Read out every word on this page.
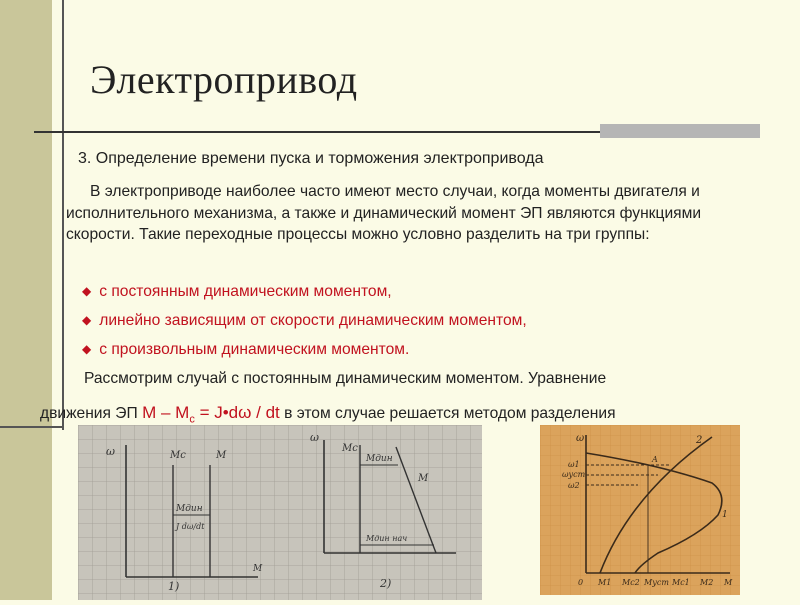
Электропривод
3. Определение времени пуска и торможения электропривода

В электроприводе наиболее часто имеют место случаи, когда моменты двигателя и исполнительного механизма, а также и динамический момент ЭП являются функциями скорости. Такие переходные процессы можно условно разделить на три группы:

◆ с постоянным динамическим моментом,
◆ линейно зависящим от скорости динамическим моментом,
◆ с произвольным динамическим моментом.
Рассмотрим случай с постоянным динамическим моментом. Уравнение
движения ЭП M – $M_c$ = J•dω / dt в этом случае решается методом разделения
ω	Mc	M
M
Mдин
J dω/dt
1)
ω
Mc
Mдин
M
Mдин нач
2)
ω	2
ω1
ωуст
ω2
A
1
0 M1 Mc2 Mуст Mc1 M2 M
